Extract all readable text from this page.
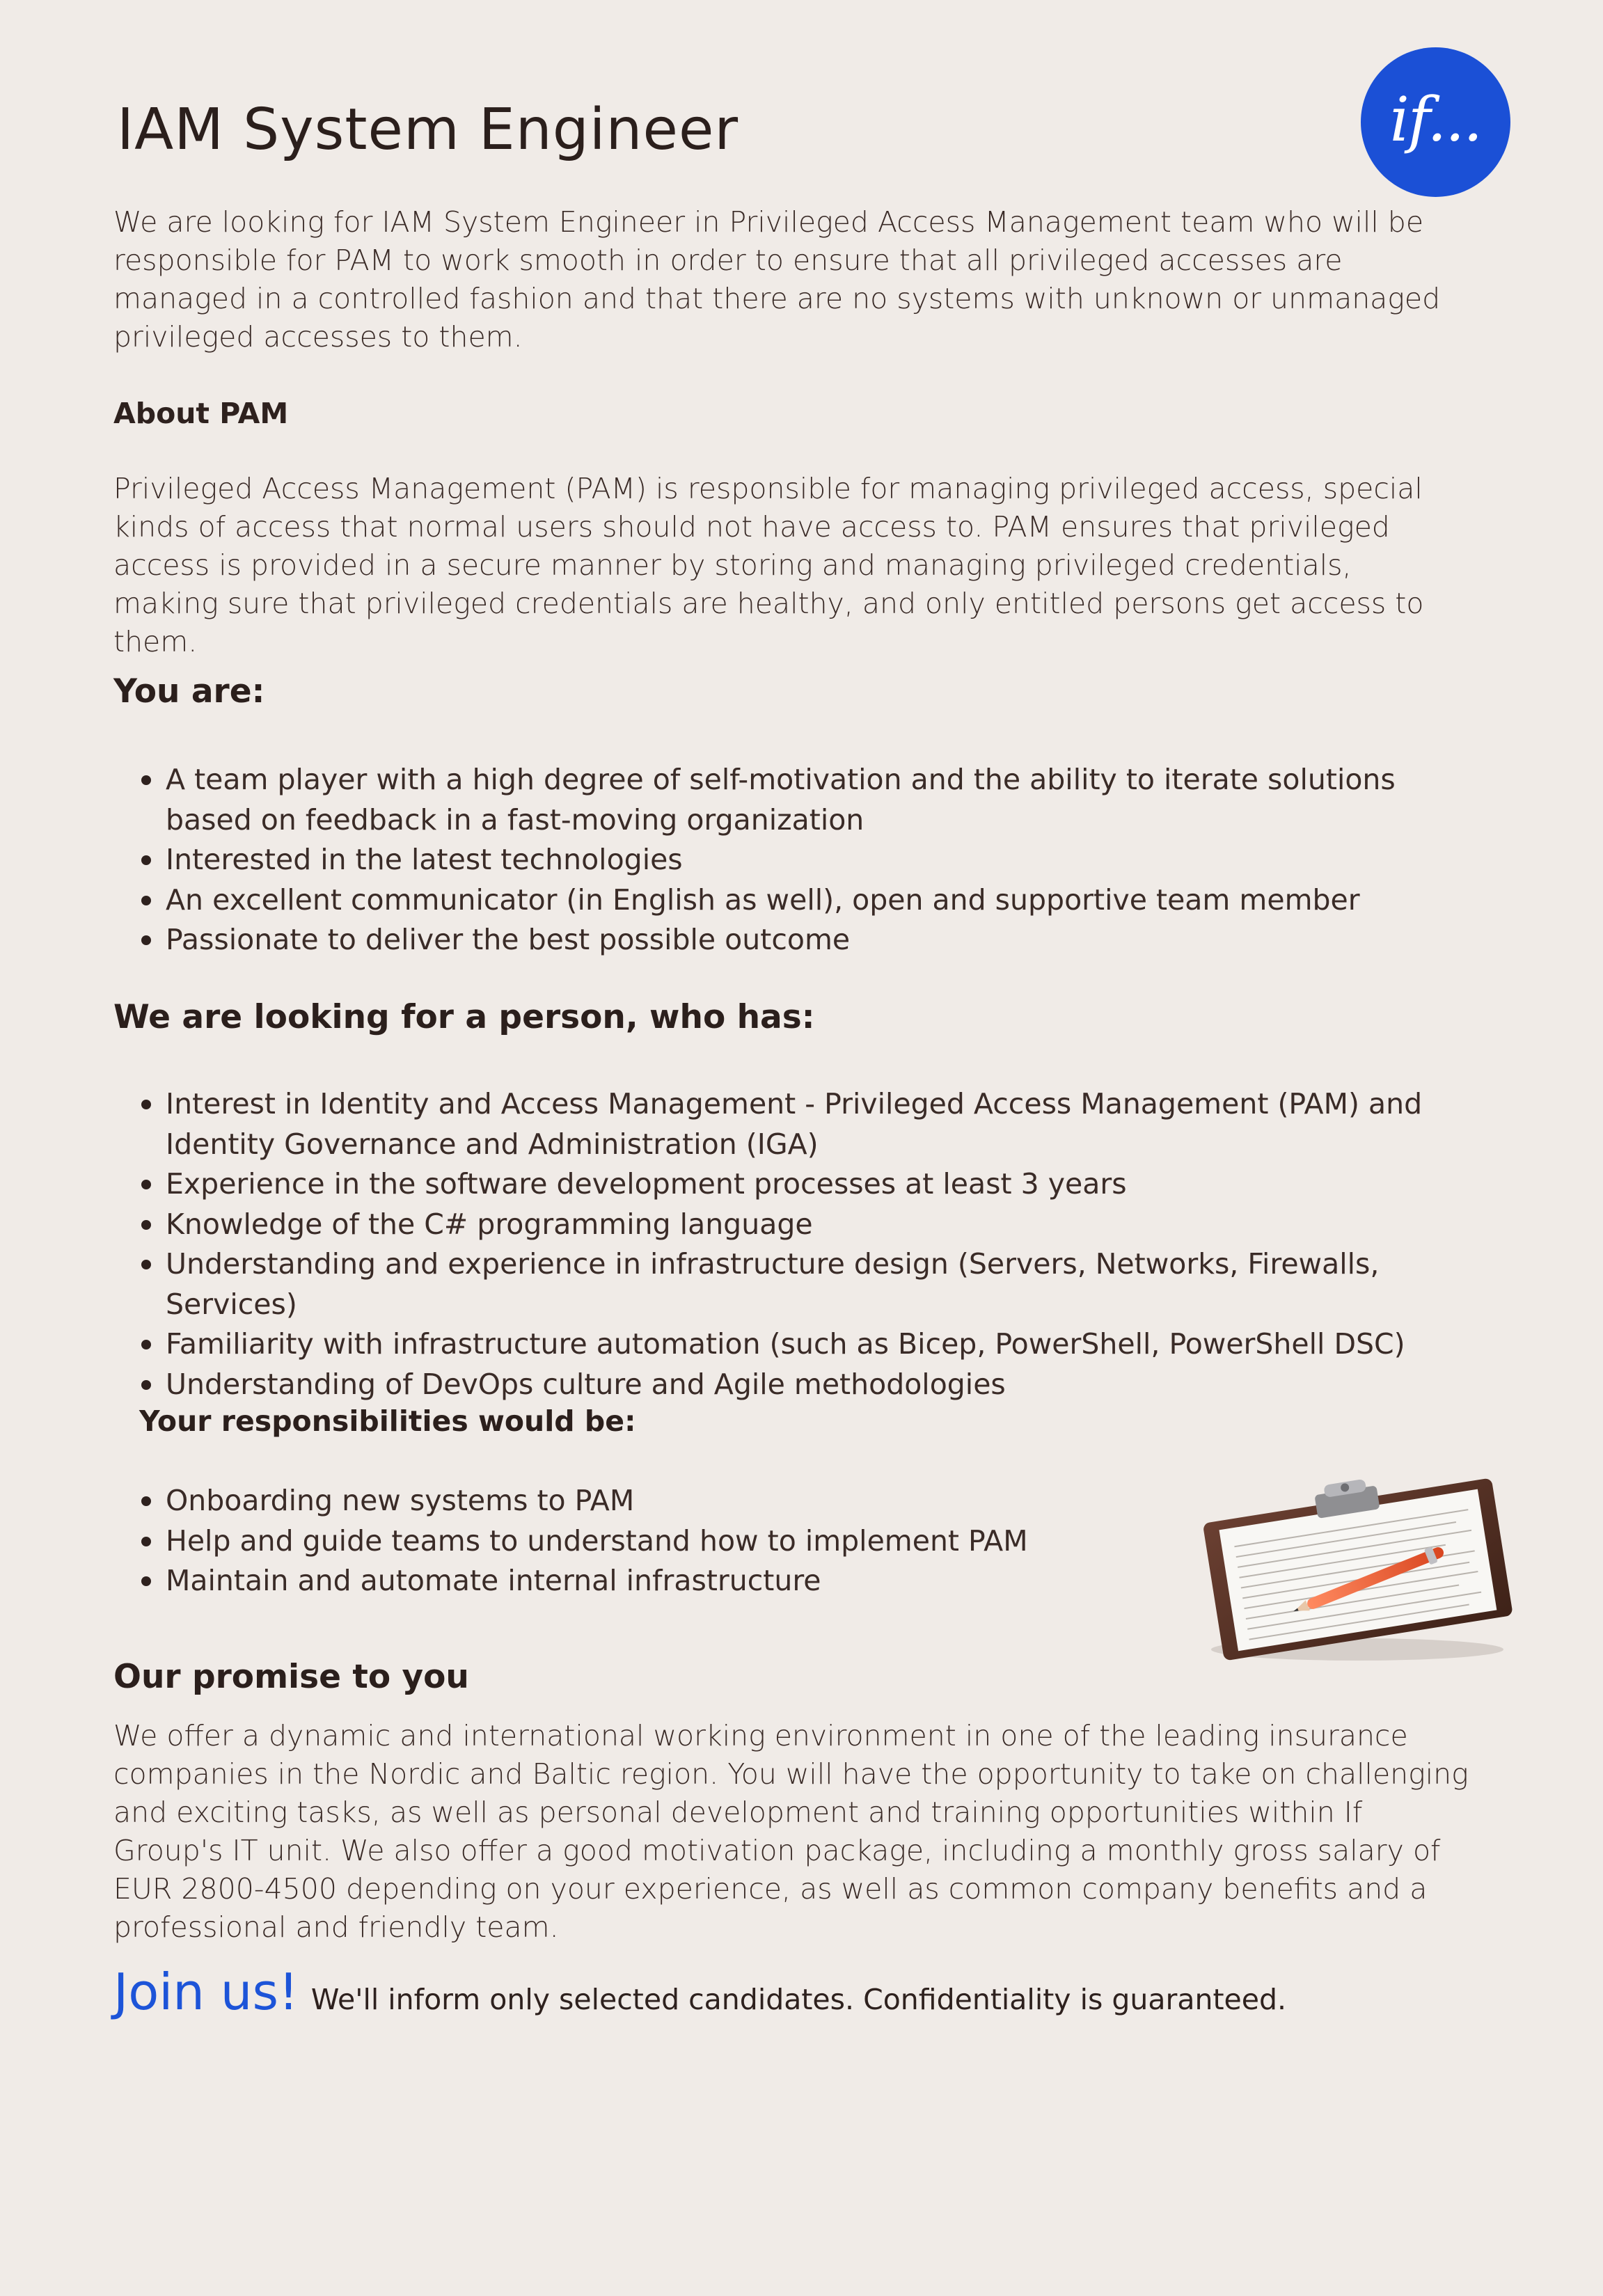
IAM System Engineer	if...

We are looking for IAM System Engineer in Privileged Access Management team who will be responsible for PAM to work smooth in order to ensure that all privileged accesses are managed in a controlled fashion and that there are no systems with unknown or unmanaged privileged accesses to them.

About PAM

Privileged Access Management (PAM) is responsible for managing privileged access, special kinds of access that normal users should not have access to. PAM ensures that privileged access is provided in a secure manner by storing and managing privileged credentials, making sure that privileged credentials are healthy, and only entitled persons get access to them.

You are:
A team player with a high degree of self-motivation and the ability to iterate solutions based on feedback in a fast-moving organization
Interested in the latest technologies
An excellent communicator (in English as well), open and supportive team member
Passionate to deliver the best possible outcome
We are looking for a person, who has:
Interest in Identity and Access Management - Privileged Access Management (PAM) and Identity Governance and Administration (IGA)
Experience in the software development processes at least 3 years
Knowledge of the C# programming language
Understanding and experience in infrastructure design (Servers, Networks, Firewalls, Services)
Familiarity with infrastructure automation (such as Bicep, PowerShell, PowerShell DSC)
Understanding of DevOps culture and Agile methodologies
Your responsibilities would be:
Onboarding new systems to PAM
Help and guide teams to understand how to implement PAM
Maintain and automate internal infrastructure
Our promise to you

We offer a dynamic and international working environment in one of the leading insurance companies in the Nordic and Baltic region. You will have the opportunity to take on challenging and exciting tasks, as well as personal development and training opportunities within If Group's IT unit. We also offer a good motivation package, including a monthly gross salary of EUR 2800-4500 depending on your experience, as well as common company benefits and a professional and friendly team.

Join us! We'll inform only selected candidates. Confidentiality is guaranteed.
